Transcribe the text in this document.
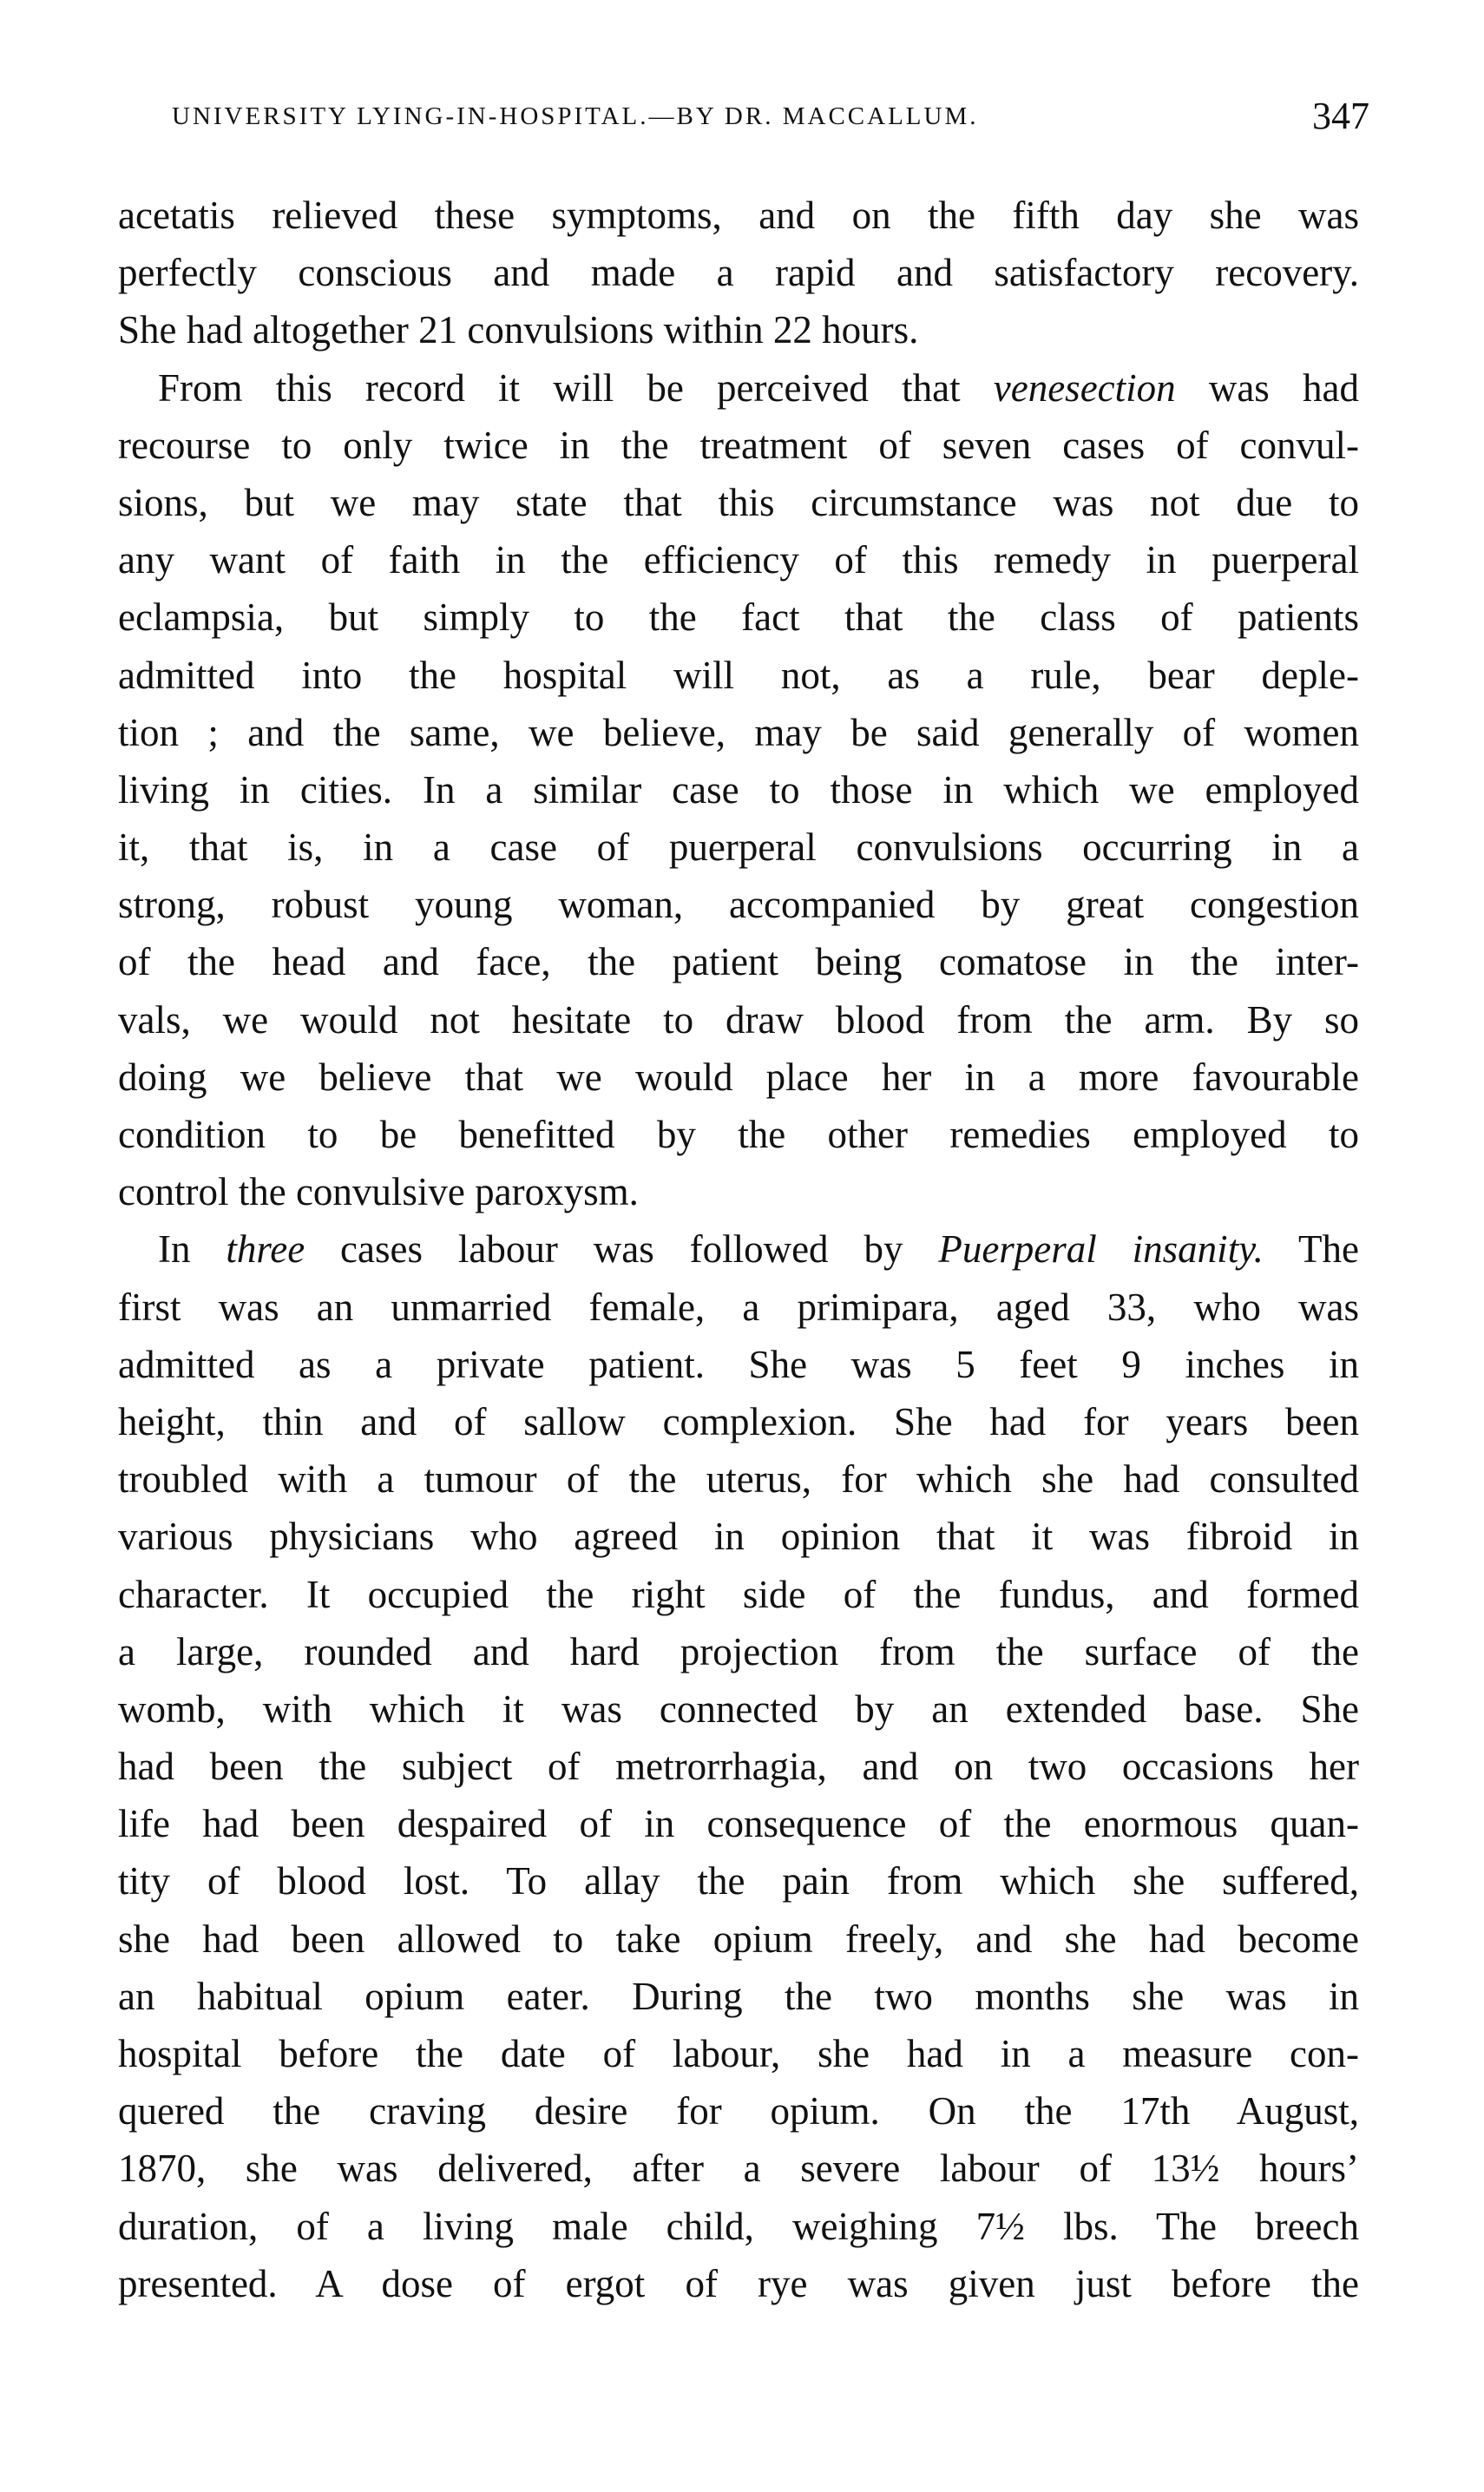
UNIVERSITY LYING-IN-HOSPITAL.—BY DR. MACCALLUM.	347
acetatis relieved these symptoms, and on the fifth day she was
perfectly conscious and made a rapid and satisfactory recovery.
She had altogether 21 convulsions within 22 hours.
From this record it will be perceived that venesection was had
recourse to only twice in the treatment of seven cases of convul-
sions, but we may state that this circumstance was not due to
any want of faith in the efficiency of this remedy in puerperal
eclampsia, but simply to the fact that the class of patients
admitted into the hospital will not, as a rule, bear deple-
tion ; and the same, we believe, may be said generally of women
living in cities. In a similar case to those in which we employed
it, that is, in a case of puerperal convulsions occurring in a
strong, robust young woman, accompanied by great congestion
of the head and face, the patient being comatose in the inter-
vals, we would not hesitate to draw blood from the arm. By so
doing we believe that we would place her in a more favourable
condition to be benefitted by the other remedies employed to
control the convulsive paroxysm.
In three cases labour was followed by Puerperal insanity. The
first was an unmarried female, a primipara, aged 33, who was
admitted as a private patient. She was 5 feet 9 inches in
height, thin and of sallow complexion. She had for years been
troubled with a tumour of the uterus, for which she had consulted
various physicians who agreed in opinion that it was fibroid in
character. It occupied the right side of the fundus, and formed
a large, rounded and hard projection from the surface of the
womb, with which it was connected by an extended base. She
had been the subject of metrorrhagia, and on two occasions her
life had been despaired of in consequence of the enormous quan-
tity of blood lost. To allay the pain from which she suffered,
she had been allowed to take opium freely, and she had become
an habitual opium eater. During the two months she was in
hospital before the date of labour, she had in a measure con-
quered the craving desire for opium. On the 17th August,
1870, she was delivered, after a severe labour of 13½ hours’
duration, of a living male child, weighing 7½ lbs. The breech
presented. A dose of ergot of rye was given just before the
